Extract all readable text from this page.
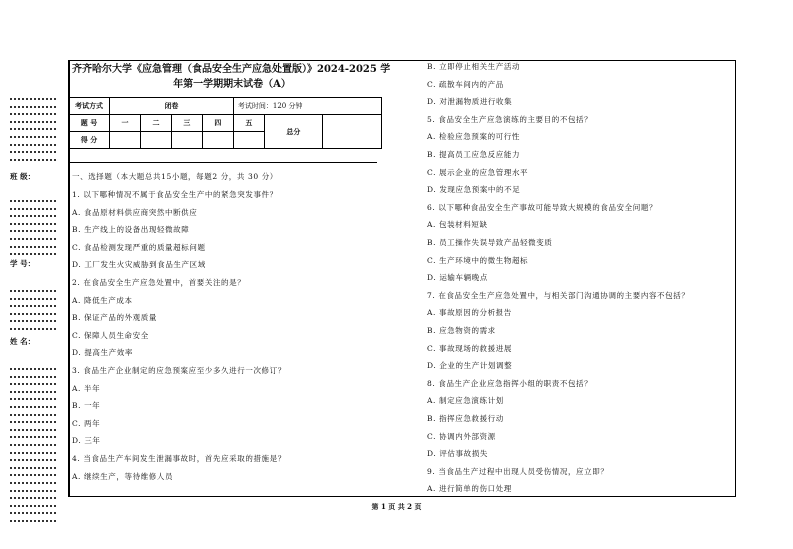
班 级：
学 号：
姓 名：
齐齐哈尔大学《应急管理（食品安全生产应急处置版）》2024-2025 学
年第一学期期末试卷（A）
考试方式	闭卷				考试时间：120 分钟		
题 号	一	二	三	四	五	总分	
得 分							
一、选择题（本大题总共15小题，每题2 分，共 30 分）
1. 以下哪种情况不属于食品安全生产中的紧急突发事件？
A. 食品原材料供应商突然中断供应
B. 生产线上的设备出现轻微故障
C. 食品检测发现严重的质量超标问题
D. 工厂发生火灾威胁到食品生产区域
2. 在食品安全生产应急处置中，首要关注的是？
A. 降低生产成本
B. 保证产品的外观质量
C. 保障人员生命安全
D. 提高生产效率
3. 食品生产企业制定的应急预案应至少多久进行一次修订？
A. 半年
B. 一年
C. 两年
D. 三年
4. 当食品生产车间发生泄漏事故时，首先应采取的措施是？
A. 继续生产，等待维修人员
B. 立即停止相关生产活动
C. 疏散车间内的产品
D. 对泄漏物质进行收集
5. 食品安全生产应急演练的主要目的不包括？
A. 检验应急预案的可行性
B. 提高员工应急反应能力
C. 展示企业的应急管理水平
D. 发现应急预案中的不足
6. 以下哪种食品安全生产事故可能导致大规模的食品安全问题？
A. 包装材料短缺
B. 员工操作失误导致产品轻微变质
C. 生产环境中的微生物超标
D. 运输车辆晚点
7. 在食品安全生产应急处置中，与相关部门沟通协调的主要内容不包括？
A. 事故原因的分析报告
B. 应急物资的需求
C. 事故现场的救援进展
D. 企业的生产计划调整
8. 食品生产企业应急指挥小组的职责不包括？
A. 制定应急演练计划
B. 指挥应急救援行动
C. 协调内外部资源
D. 评估事故损失
9. 当食品生产过程中出现人员受伤情况，应立即？
A. 进行简单的伤口处理
第 1 页 共 2 页
